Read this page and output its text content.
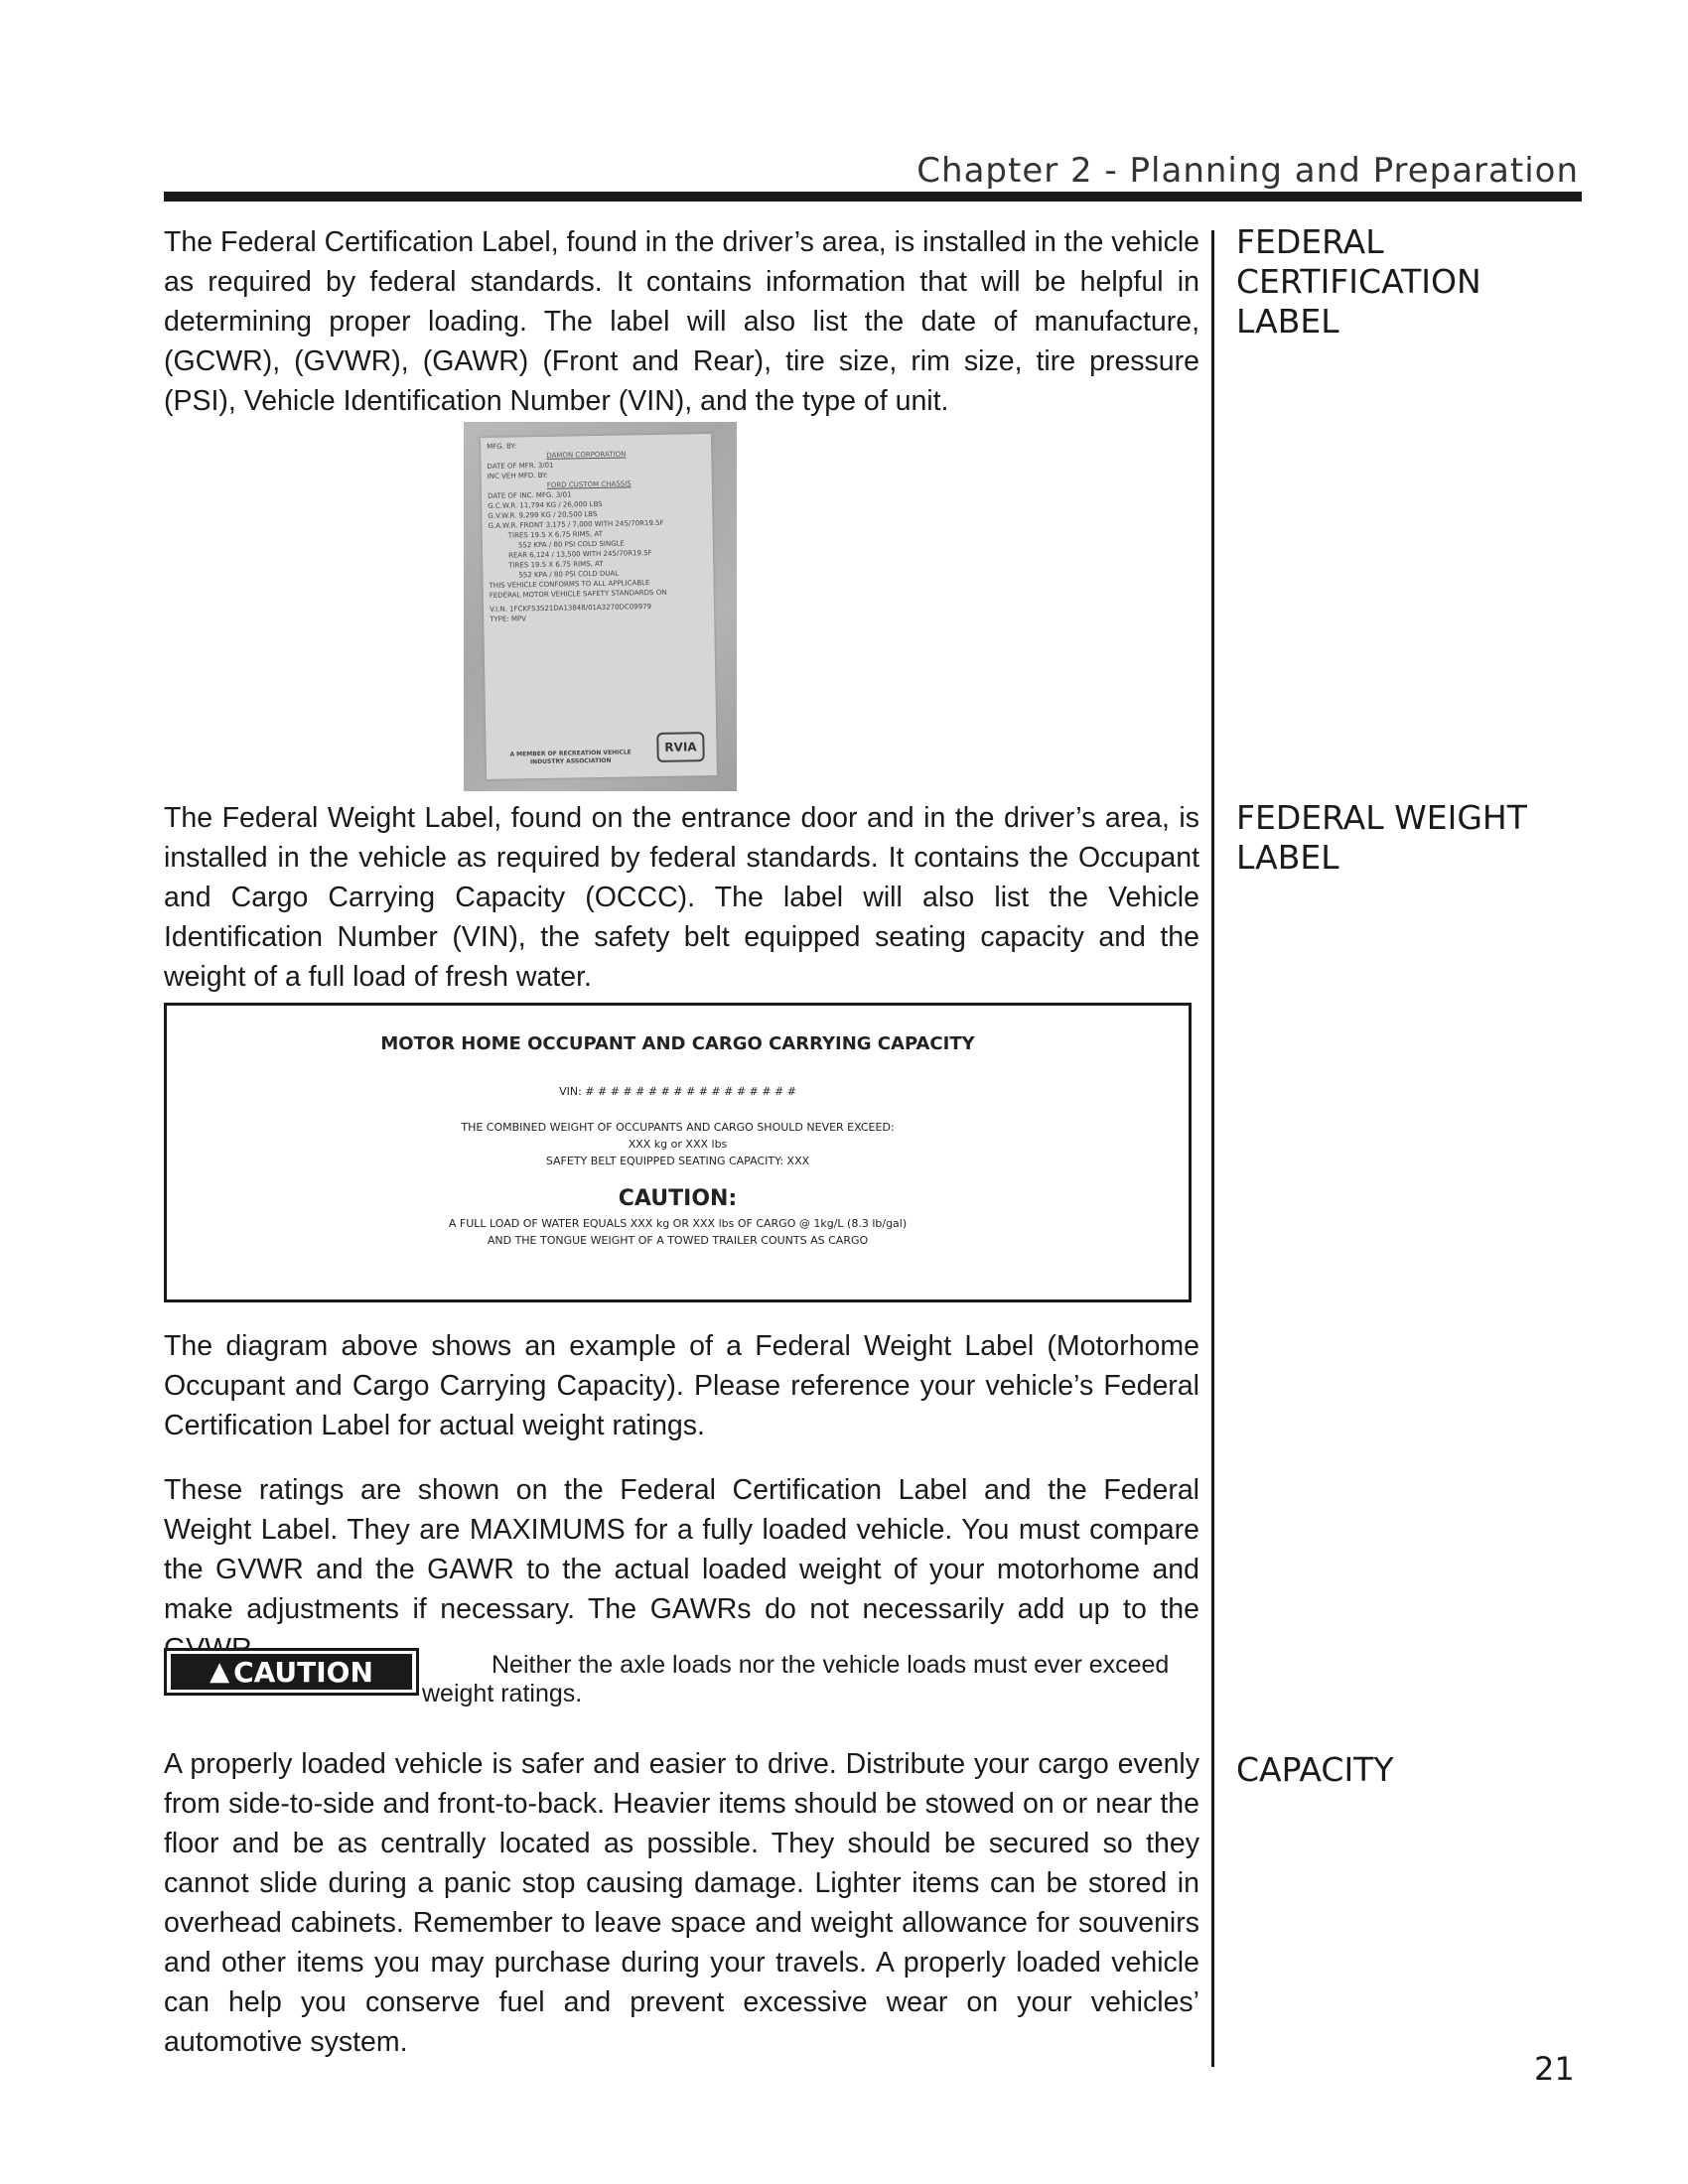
Chapter 2 - Planning and Preparation

The Federal Certification Label, found in the driver’s area, is installed in the vehicle as required by federal standards. It contains information that will be helpful in determining proper loading. The label will also list the date of manufacture, (GCWR), (GVWR), (GAWR) (Front and Rear), tire size, rim size, tire pressure (PSI), Vehicle Identification Number (VIN), and the type of unit.

FEDERAL
CERTIFICATION
LABEL
MFG. BY:
DAMON CORPORATION
DATE OF MFR. 3/01
INC VEH MFD. BY:
FORD CUSTOM CHASSIS
DATE OF INC. MFG. 3/01
G.C.W.R. 11,794 KG / 26,000 LBS
G.V.W.R. 9,299 KG / 20,500 LBS
G.A.W.R. FRONT 3,175 / 7,000 WITH 245/70R19.5F
TIRES 19.5 X 6.75 RIMS, AT
552 KPA / 80 PSI COLD SINGLE
REAR 6,124 / 13,500 WITH 245/70R19.5F
TIRES 19.5 X 6.75 RIMS, AT
552 KPA / 80 PSI COLD DUAL
THIS VEHICLE CONFORMS TO ALL APPLICABLE
FEDERAL MOTOR VEHICLE SAFETY STANDARDS ON
V.I.N. 1FCKF53S21DA13848/01A3270DC09979
TYPE: MPV
A MEMBER OF RECREATION VEHICLE INDUSTRY ASSOCIATION
RVIA

The Federal Weight Label, found on the entrance door and in the driver’s area, is installed in the vehicle as required by federal standards. It contains the Occupant and Cargo Carrying Capacity (OCCC). The label will also list the Vehicle Identification Number (VIN), the safety belt equipped seating capacity and the weight of a full load of fresh water.

FEDERAL WEIGHT
LABEL
MOTOR HOME OCCUPANT AND CARGO CARRYING CAPACITY
VIN: # # # # # # # # # # # # # # # # #
THE COMBINED WEIGHT OF OCCUPANTS AND CARGO SHOULD NEVER EXCEED:
XXX kg or XXX lbs
SAFETY BELT EQUIPPED SEATING CAPACITY: XXX
CAUTION:
A FULL LOAD OF WATER EQUALS XXX kg OR XXX lbs OF CARGO @ 1kg/L (8.3 lb/gal)
AND THE TONGUE WEIGHT OF A TOWED TRAILER COUNTS AS CARGO

The diagram above shows an example of a Federal Weight Label (Motorhome Occupant and Cargo Carrying Capacity). Please reference your vehicle’s Federal Certification Label for actual weight ratings.

These ratings are shown on the Federal Certification Label and the Federal Weight Label. They are MAXIMUMS for a fully loaded vehicle. You must compare the GVWR and the GAWR to the actual loaded weight of your motorhome and make adjustments if necessary. The GAWRs do not necessarily add up to the

▲ CAUTION	Neither the axle loads nor the vehicle loads must ever exceed
weight ratings.

A properly loaded vehicle is safer and easier to drive. Distribute your cargo evenly from side-to-side and front-to-back. Heavier items should be stowed on or near the floor and be as centrally located as possible. They should be secured so they cannot slide during a panic stop causing damage. Lighter items can be stored in overhead cabinets. Remember to leave space and weight allowance for souvenirs and other items you may purchase during your travels. A properly loaded vehicle can help you conserve fuel and prevent excessive wear on your vehicles’ automotive system.

CAPACITY
21
